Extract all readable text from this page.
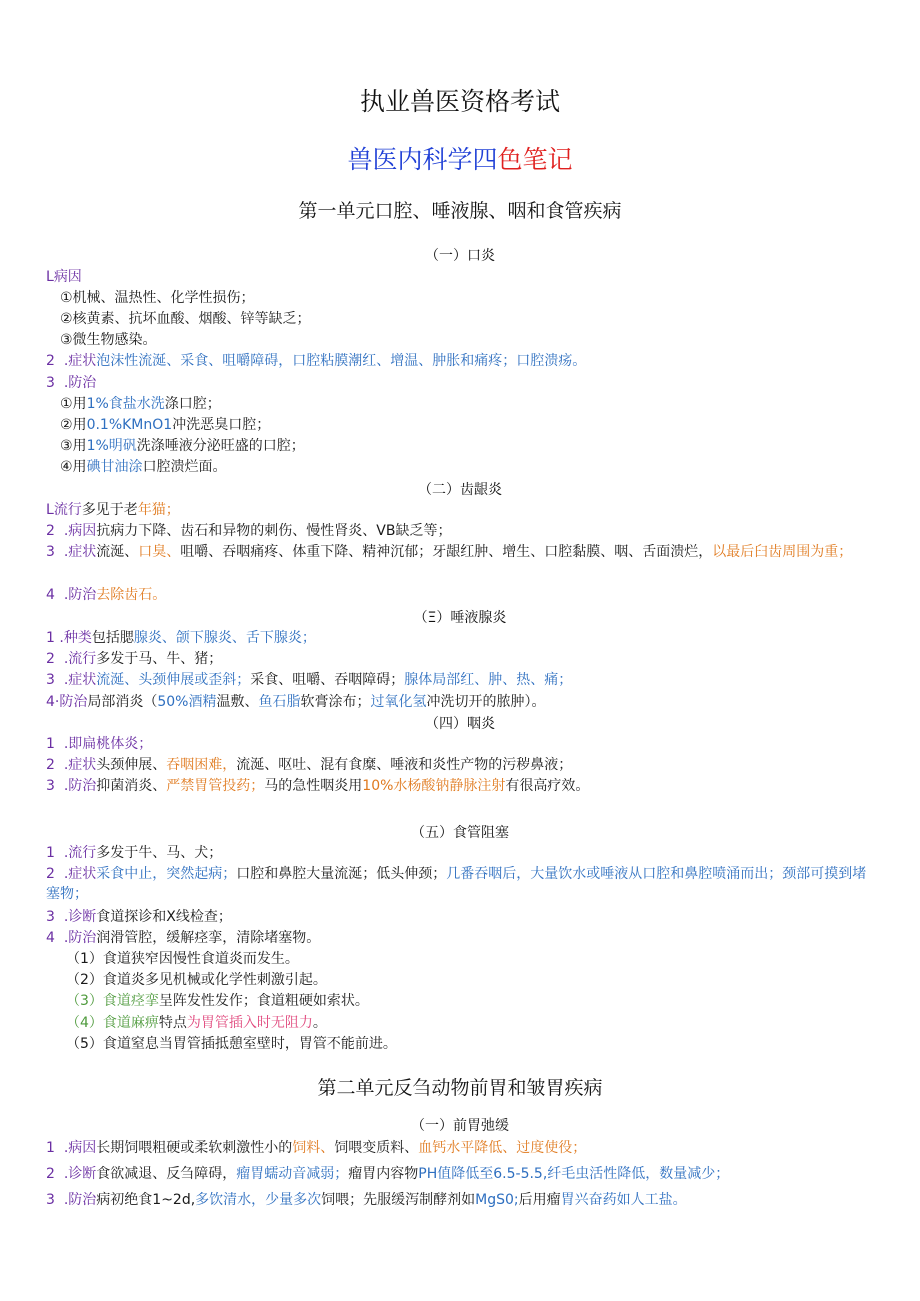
执业兽医资格考试
兽医内科学四色笔记
第一单元口腔、唾液腺、咽和食管疾病
（一）口炎
L病因
①机械、温热性、化学性损伤；
②核黄素、抗坏血酸、烟酸、锌等缺乏；
③微生物感染。
2 .症状泡沫性流涎、采食、咀嚼障碍，口腔粘膜潮红、增温、肿胀和痛疼；口腔溃疡。
3 .防治
①用1%食盐水洗涤口腔；
②用0.1%KMnO1冲洗恶臭口腔；
③用1%明矾洗涤唾液分泌旺盛的口腔；
④用碘甘油涂口腔溃烂面。
（二）齿龈炎
L流行多见于老年猫；
2 .病因抗病力下降、齿石和异物的刺伤、慢性肾炎、VB缺乏等；
3 .症状流涎、口臭、咀嚼、吞咽痛疼、体重下降、精神沉郁；牙龈红肿、增生、口腔黏膜、咽、舌面溃烂，以最后臼齿周围为重；
4 .防治去除齿石。
（Ξ）唾液腺炎
1 .种类包括腮腺炎、颌下腺炎、舌下腺炎；
2 .流行多发于马、牛、猪；
3 .症状流涎、头颈伸展或歪斜；采食、咀嚼、吞咽障碍；腺体局部红、肿、热、痛；
4·防治局部消炎（50%酒精温敷、鱼石脂软膏涂布；过氧化氢冲洗切开的脓肿）。
（四）咽炎
1 .即扁桃体炎；
2 .症状头颈伸展、吞咽困难，流涎、呕吐、混有食糜、唾液和炎性产物的污秽鼻液；
3 .防治抑菌消炎、严禁胃管投药；马的急性咽炎用10%水杨酸钠静脉注射有很高疗效。
（五）食管阻塞
1 .流行多发于牛、马、犬；
2 .症状采食中止，突然起病；口腔和鼻腔大量流涎；低头伸颈；几番吞咽后，大量饮水或唾液从口腔和鼻腔喷涌而出；颈部可摸到堵塞物；
3 .诊断食道探诊和X线检查；
4 .防治润滑管腔，缓解痉挛，清除堵塞物。
（1）食道狭窄因慢性食道炎而发生。
（2）食道炎多见机械或化学性刺激引起。
（3）食道痉挛呈阵发性发作；食道粗硬如索状。
（4）食道麻痹特点为胃管插入时无阻力。
（5）食道窒息当胃管插抵憩室壁时，胃管不能前进。
第二单元反刍动物前胃和皱胃疾病
（一）前胃弛缓
1 .病因长期饲喂粗硬或柔软刺激性小的饲料、饲喂变质料、血钙水平降低、过度使役；
2 .诊断食欲减退、反刍障碍，瘤胃蠕动音减弱；瘤胃内容物PH值降低至6.5-5.5,纤毛虫活性降低，数量减少；
3 .防治病初绝食1~2d,多饮清水，少量多次饲喂；先服缓泻制酵剂如MgS0;后用瘤胃兴奋药如人工盐。
